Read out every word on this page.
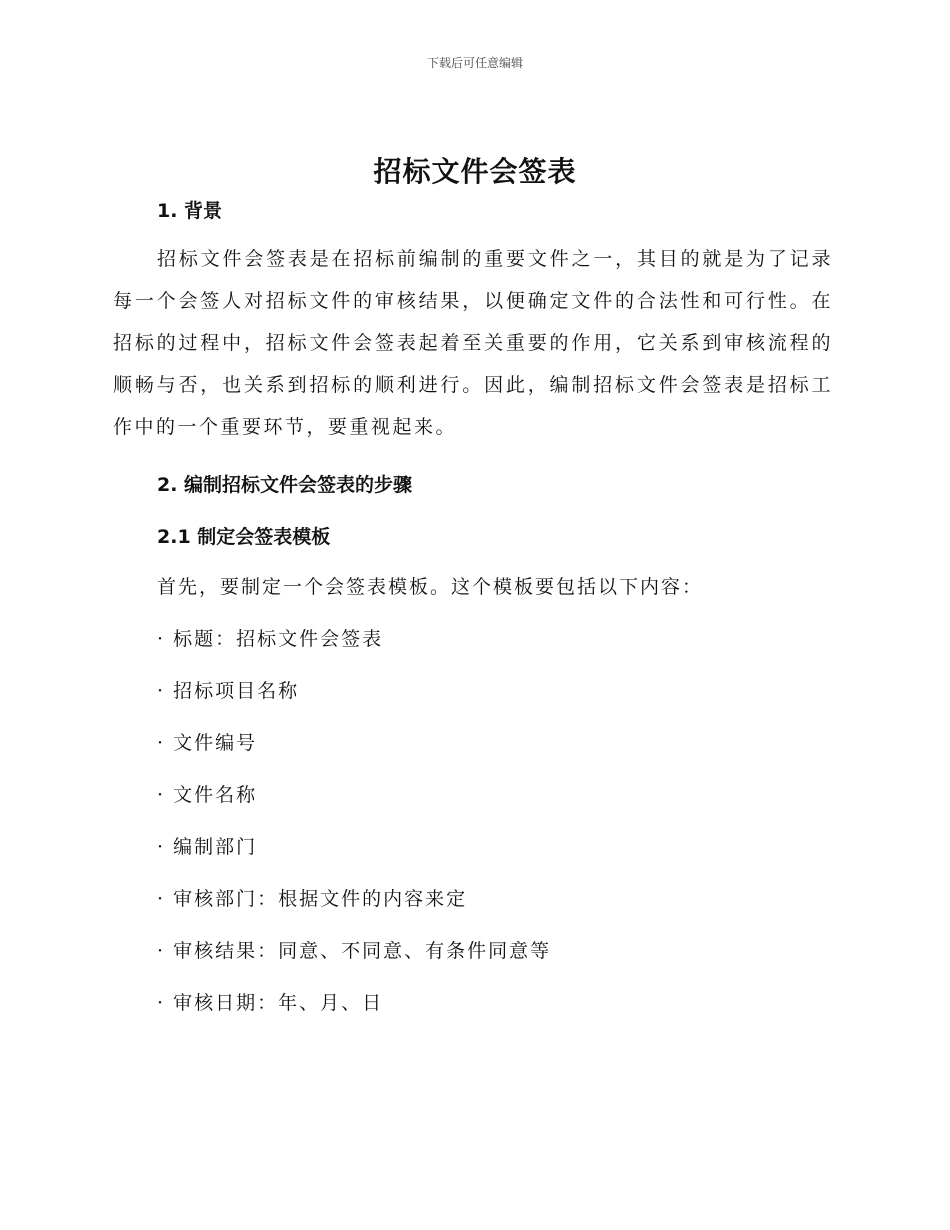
下载后可任意编辑
招标文件会签表
1. 背景

招标文件会签表是在招标前编制的重要文件之一，其目的就是为了记录每一个会签人对招标文件的审核结果，以便确定文件的合法性和可行性。在招标的过程中，招标文件会签表起着至关重要的作用，它关系到审核流程的顺畅与否，也关系到招标的顺利进行。因此，编制招标文件会签表是招标工作中的一个重要环节，要重视起来。

2. 编制招标文件会签表的步骤
2.1 制定会签表模板

首先，要制定一个会签表模板。这个模板要包括以下内容：

· 标题：招标文件会签表
· 招标项目名称
· 文件编号
· 文件名称
· 编制部门
· 审核部门：根据文件的内容来定
· 审核结果：同意、不同意、有条件同意等
· 审核日期：年、月、日
